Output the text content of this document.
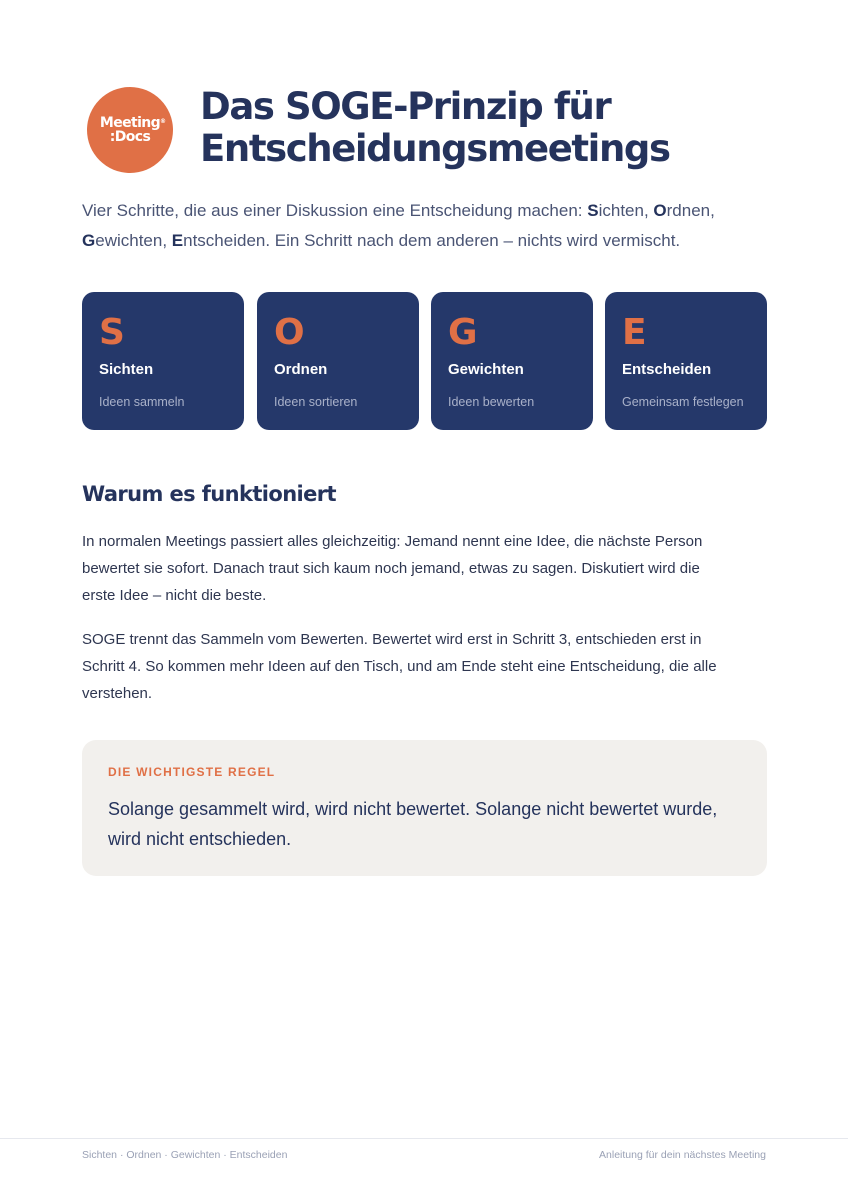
Meeting
:Docs
® Das SOGE-Prinzip für Entscheidungsmeetings

Vier Schritte, die aus einer Diskussion eine Entscheidung machen: Sichten, Ordnen, Gewichten, Entscheiden. Ein Schritt nach dem anderen – nichts wird vermischt.

S
Sichten
Ideen sammeln
O
Ordnen
Ideen sortieren
G
Gewichten
Ideen bewerten
E
Entscheiden
Gemeinsam festlegen
Warum es funktioniert

In normalen Meetings passiert alles gleichzeitig: Jemand nennt eine Idee, die nächste Person bewertet sie sofort. Danach traut sich kaum noch jemand, etwas zu sagen. Diskutiert wird die erste Idee – nicht die beste.

SOGE trennt das Sammeln vom Bewerten. Bewertet wird erst in Schritt 3, entschieden erst in Schritt 4. So kommen mehr Ideen auf den Tisch, und am Ende steht eine Entscheidung, die alle verstehen.

DIE WICHTIGSTE REGEL

Solange gesammelt wird, wird nicht bewertet. Solange nicht bewertet wurde, wird nicht entschieden.

Sichten · Ordnen · Gewichten · Entscheiden	Anleitung für dein nächstes Meeting
